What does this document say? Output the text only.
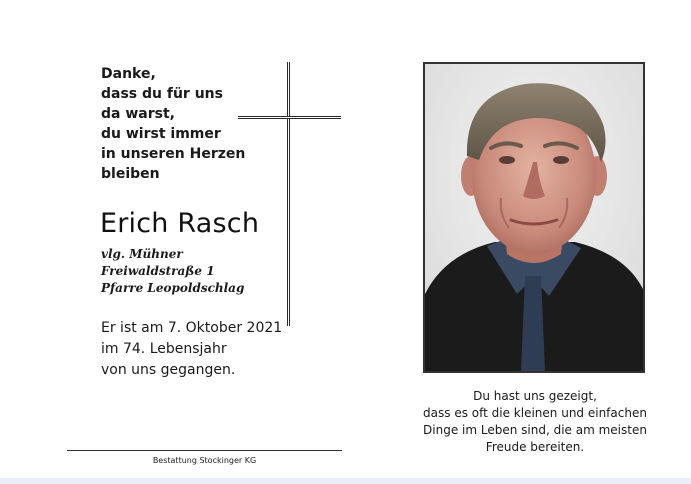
Danke,
dass du für uns
da warst,
du wirst immer
in unseren Herzen
bleiben
Erich Rasch
vlg. Mühner
Freiwaldstraße 1
Pfarre Leopoldschlag
Er ist am 7. Oktober 2021
im 74. Lebensjahr
von uns gegangen.
Du hast uns gezeigt,
dass es oft die kleinen und einfachen
Dinge im Leben sind, die am meisten
Freude bereiten.
Bestattung Stockinger KG
